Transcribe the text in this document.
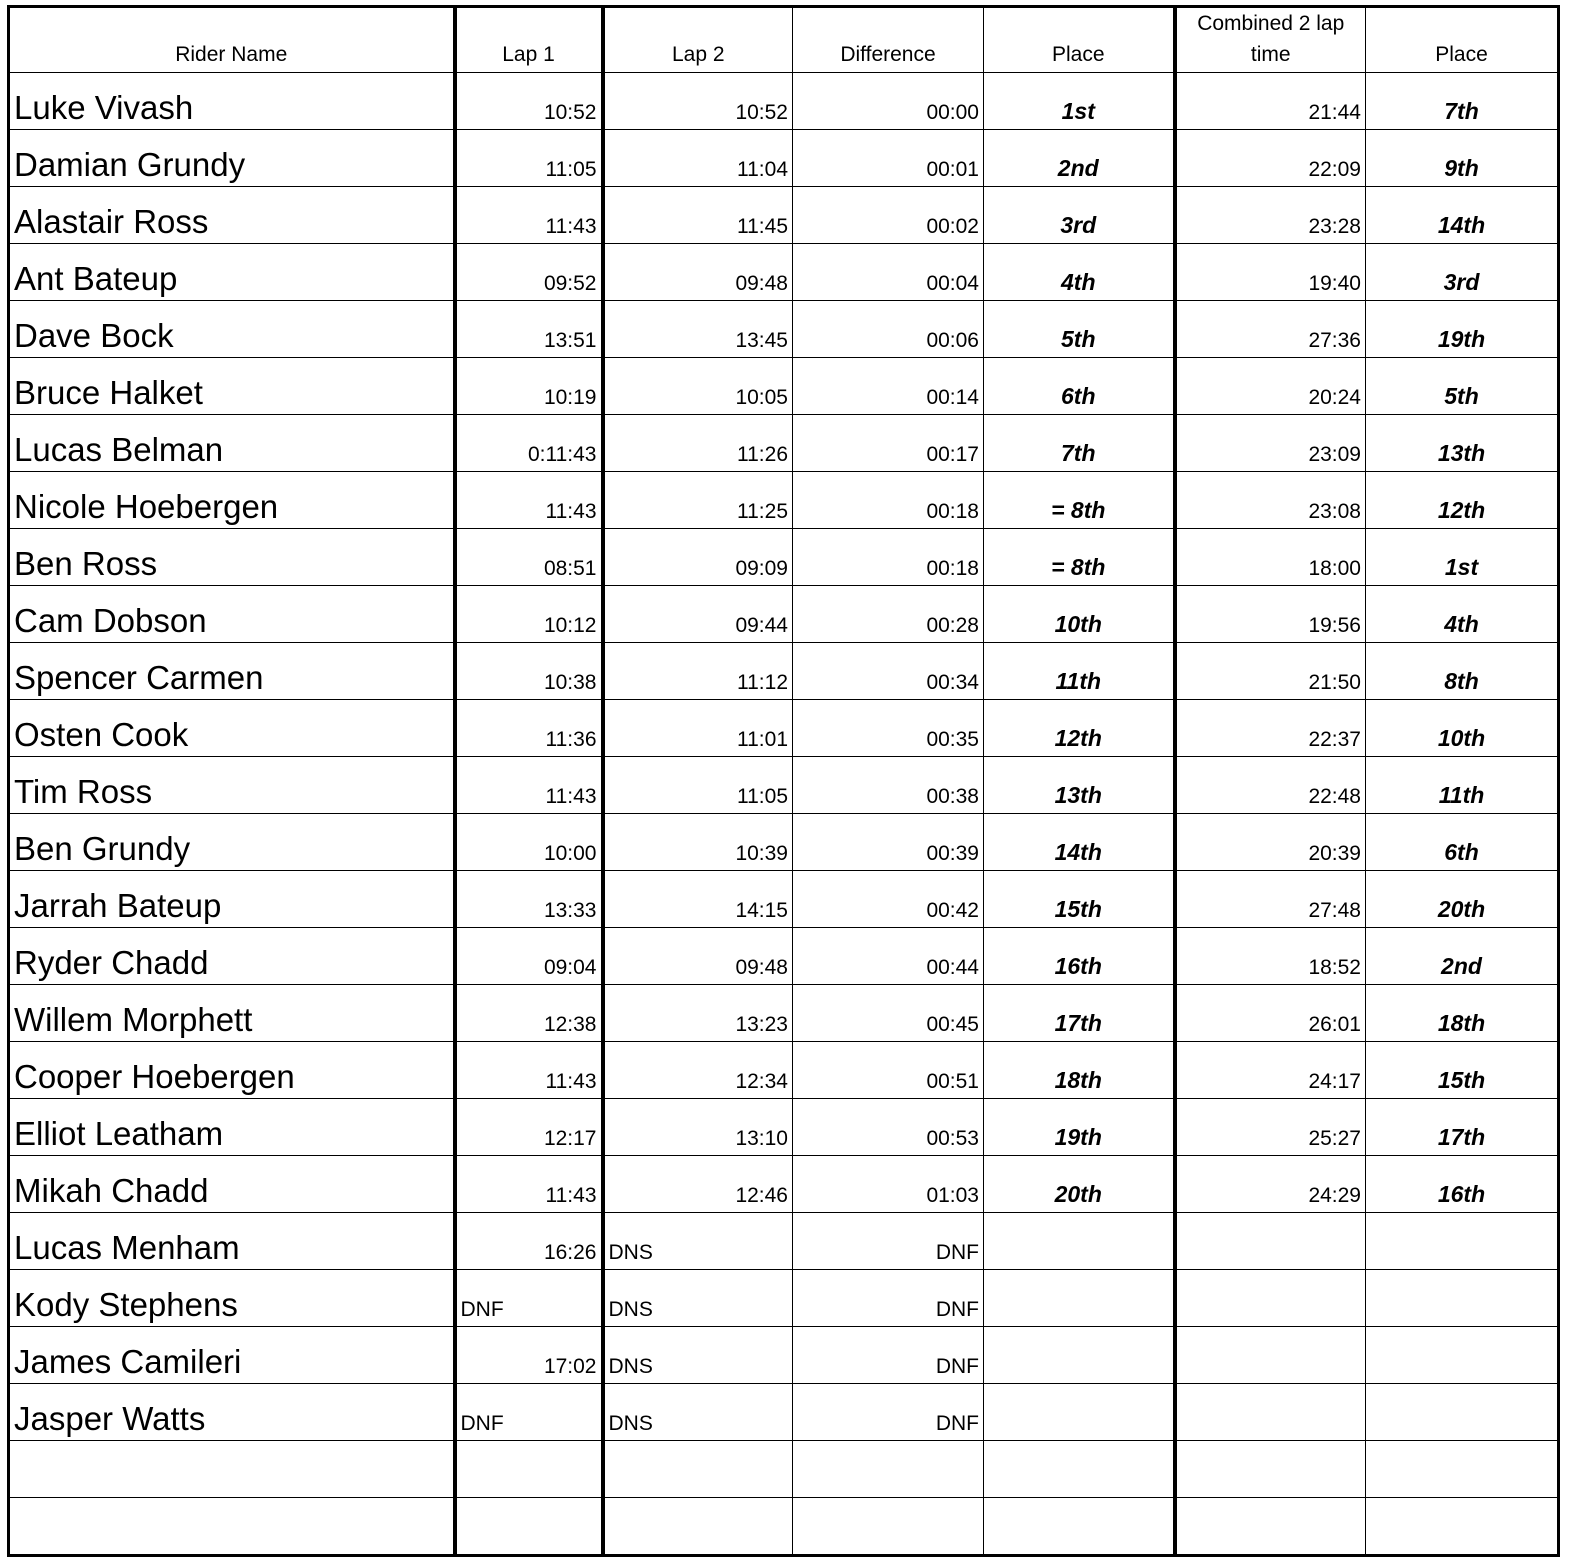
Rider Name	Lap 1	Lap 2	Difference	Place	Combined 2 lap time	Place
Luke Vivash	10:52	10:52	00:00	1st	21:44	7th
Damian Grundy	11:05	11:04	00:01	2nd	22:09	9th
Alastair Ross	11:43	11:45	00:02	3rd	23:28	14th
Ant Bateup	09:52	09:48	00:04	4th	19:40	3rd
Dave Bock	13:51	13:45	00:06	5th	27:36	19th
Bruce Halket	10:19	10:05	00:14	6th	20:24	5th
Lucas Belman	0:11:43	11:26	00:17	7th	23:09	13th
Nicole Hoebergen	11:43	11:25	00:18	= 8th	23:08	12th
Ben Ross	08:51	09:09	00:18	= 8th	18:00	1st
Cam Dobson	10:12	09:44	00:28	10th	19:56	4th
Spencer Carmen	10:38	11:12	00:34	11th	21:50	8th
Osten Cook	11:36	11:01	00:35	12th	22:37	10th
Tim Ross	11:43	11:05	00:38	13th	22:48	11th
Ben Grundy	10:00	10:39	00:39	14th	20:39	6th
Jarrah Bateup	13:33	14:15	00:42	15th	27:48	20th
Ryder Chadd	09:04	09:48	00:44	16th	18:52	2nd
Willem Morphett	12:38	13:23	00:45	17th	26:01	18th
Cooper Hoebergen	11:43	12:34	00:51	18th	24:17	15th
Elliot Leatham	12:17	13:10	00:53	19th	25:27	17th
Mikah Chadd	11:43	12:46	01:03	20th	24:29	16th
Lucas Menham	16:26	DNS	DNF			
Kody Stephens	DNF	DNS	DNF			
James Camileri	17:02	DNS	DNF			
Jasper Watts	DNF	DNS	DNF			
